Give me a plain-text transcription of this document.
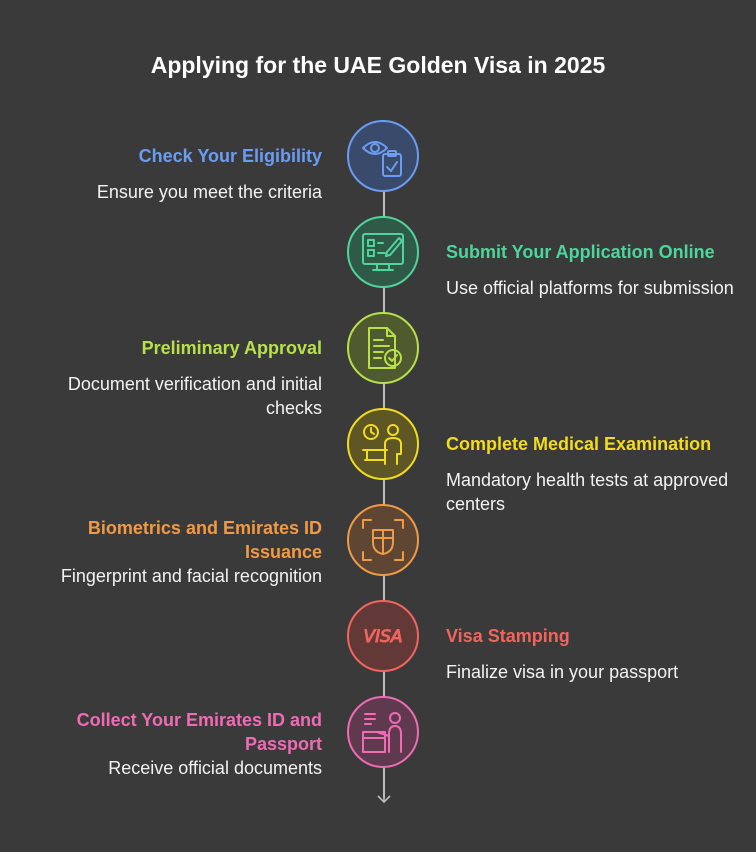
Applying for the UAE Golden Visa in 2025
Check Your Eligibility
Ensure you meet the criteria
Submit Your Application Online
Use official platforms for submission
Preliminary Approval
Document verification and initial checks
Complete Medical Examination
Mandatory health tests at approved centers
Biometrics and Emirates ID Issuance
Fingerprint and facial recognition
VISA Visa Stamping
Finalize visa in your passport
Collect Your Emirates ID and Passport
Receive official documents
